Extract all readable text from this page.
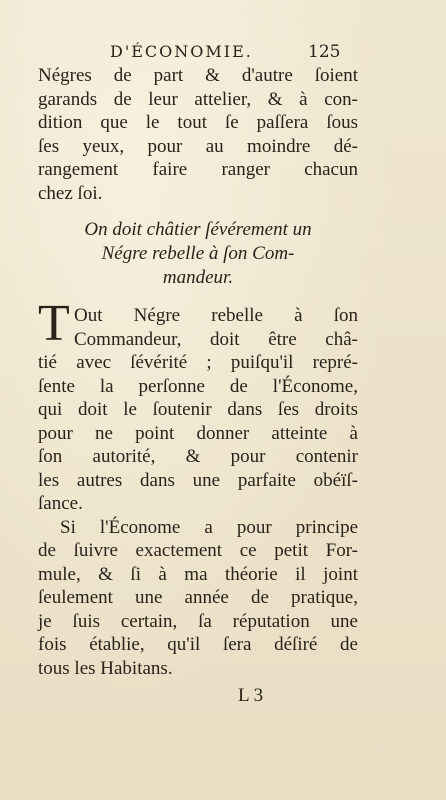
D'ÉCONOMIE.	125
Négres de part & d'autre ſoient
garands de leur attelier, & à con-
dition que le tout ſe paſſera ſous
ſes yeux, pour au moindre dé-
rangement faire ranger chacun
chez ſoi.
On doit châtier ſévérement un
Négre rebelle à ſon Com-
mandeur.
T Out Négre rebelle à ſon
Commandeur, doit être châ-
tié avec ſévérité ; puiſqu'il repré-
ſente la perſonne de l'Économe,
qui doit le ſoutenir dans ſes droits
pour ne point donner atteinte à
ſon autorité, & pour contenir
les autres dans une parfaite obéïſ-
ſance.
Si l'Économe a pour principe
de ſuivre exactement ce petit For-
mule, & ſi à ma théorie il joint
ſeulement une année de pratique,
je ſuis certain, ſa réputation une
fois établie, qu'il ſera déſiré de
tous les Habitans.
L 3
